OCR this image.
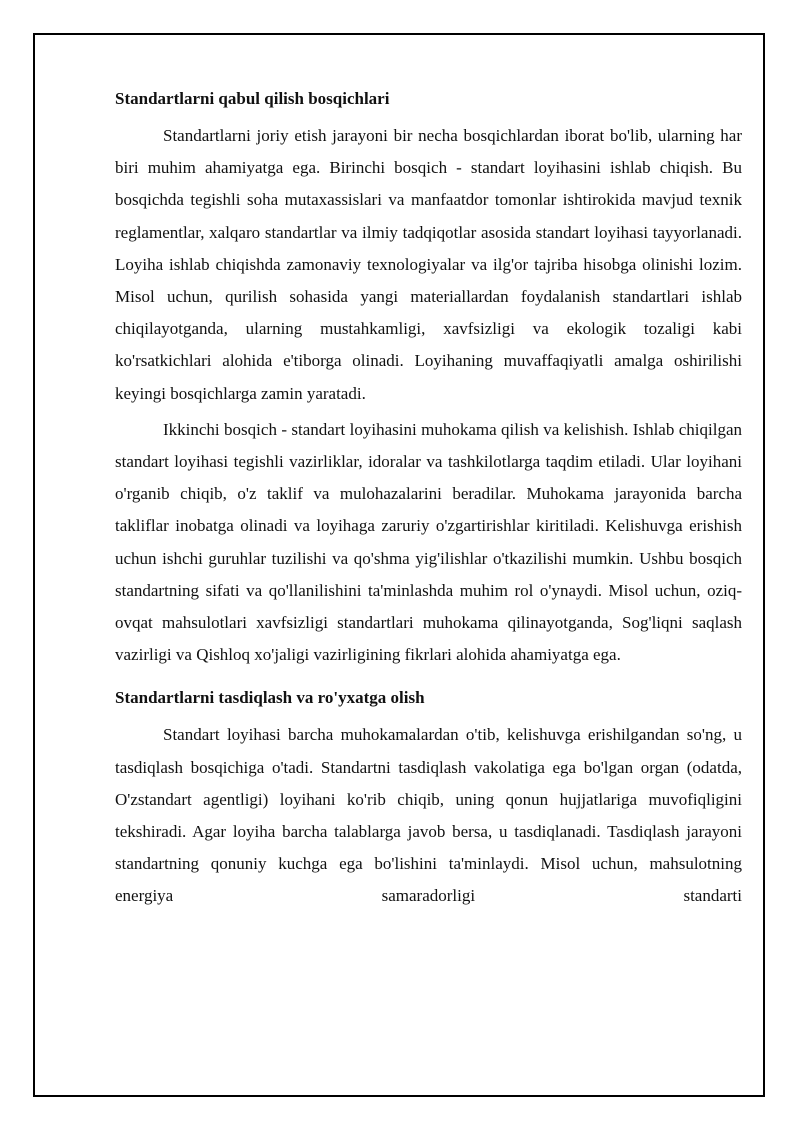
Standartlarni qabul qilish bosqichlari

Standartlarni joriy etish jarayoni bir necha bosqichlardan iborat bo'lib, ularning har biri muhim ahamiyatga ega. Birinchi bosqich - standart loyihasini ishlab chiqish. Bu bosqichda tegishli soha mutaxassislari va manfaatdor tomonlar ishtirokida mavjud texnik reglamentlar, xalqaro standartlar va ilmiy tadqiqotlar asosida standart loyihasi tayyorlanadi. Loyiha ishlab chiqishda zamonaviy texnologiyalar va ilg'or tajriba hisobga olinishi lozim. Misol uchun, qurilish sohasida yangi materiallardan foydalanish standartlari ishlab chiqilayotganda, ularning mustahkamligi, xavfsizligi va ekologik tozaligi kabi ko'rsatkichlari alohida e'tiborga olinadi. Loyihaning muvaffaqiyatli amalga oshirilishi keyingi bosqichlarga zamin yaratadi.

Ikkinchi bosqich - standart loyihasini muhokama qilish va kelishish. Ishlab chiqilgan standart loyihasi tegishli vazirliklar, idoralar va tashkilotlarga taqdim etiladi. Ular loyihani o'rganib chiqib, o'z taklif va mulohazalarini beradilar. Muhokama jarayonida barcha takliflar inobatga olinadi va loyihaga zaruriy o'zgartirishlar kiritiladi. Kelishuvga erishish uchun ishchi guruhlar tuzilishi va qo'shma yig'ilishlar o'tkazilishi mumkin. Ushbu bosqich standartning sifati va qo'llanilishini ta'minlashda muhim rol o'ynaydi. Misol uchun, oziq-ovqat mahsulotlari xavfsizligi standartlari muhokama qilinayotganda, Sog'liqni saqlash vazirligi va Qishloq xo'jaligi vazirligining fikrlari alohida ahamiyatga ega.

Standartlarni tasdiqlash va ro'yxatga olish

Standart loyihasi barcha muhokamalardan o'tib, kelishuvga erishilgandan so'ng, u tasdiqlash bosqichiga o'tadi. Standartni tasdiqlash vakolatiga ega bo'lgan organ (odatda, O'zstandart agentligi) loyihani ko'rib chiqib, uning qonun hujjatlariga muvofiqligini tekshiradi. Agar loyiha barcha talablarga javob bersa, u tasdiqlanadi. Tasdiqlash jarayoni standartning qonuniy kuchga ega bo'lishini ta'minlaydi. Misol uchun, mahsulotning energiya samaradorligi standarti
